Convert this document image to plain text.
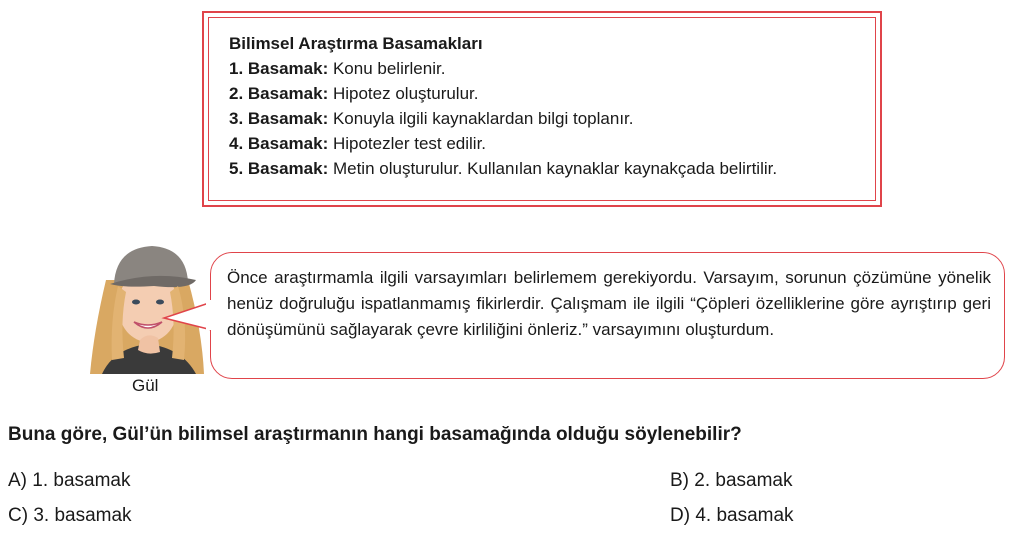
Bilimsel Araştırma Basamakları
1. Basamak: Konu belirlenir.
2. Basamak: Hipotez oluşturulur.
3. Basamak: Konuyla ilgili kaynaklardan bilgi toplanır.
4. Basamak: Hipotezler test edilir.
5. Basamak: Metin oluşturulur. Kullanılan kaynaklar kaynakçada belirtilir.
Gül
Önce araştırmamla ilgili varsayımları belirlemem gerekiyordu. Varsayım, sorunun çözümüne yönelik henüz doğruluğu ispatlanmamış fikirlerdir. Çalışmam ile ilgili “Çöpleri özelliklerine göre ayrıştırıp geri dönüşümünü sağlayarak çevre kirliliğini önleriz.” varsayımını oluşturdum.
Buna göre, Gül’ün bilimsel araştırmanın hangi basamağında olduğu söylenebilir?
A) 1. basamak	B) 2. basamak
C) 3. basamak	D) 4. basamak
